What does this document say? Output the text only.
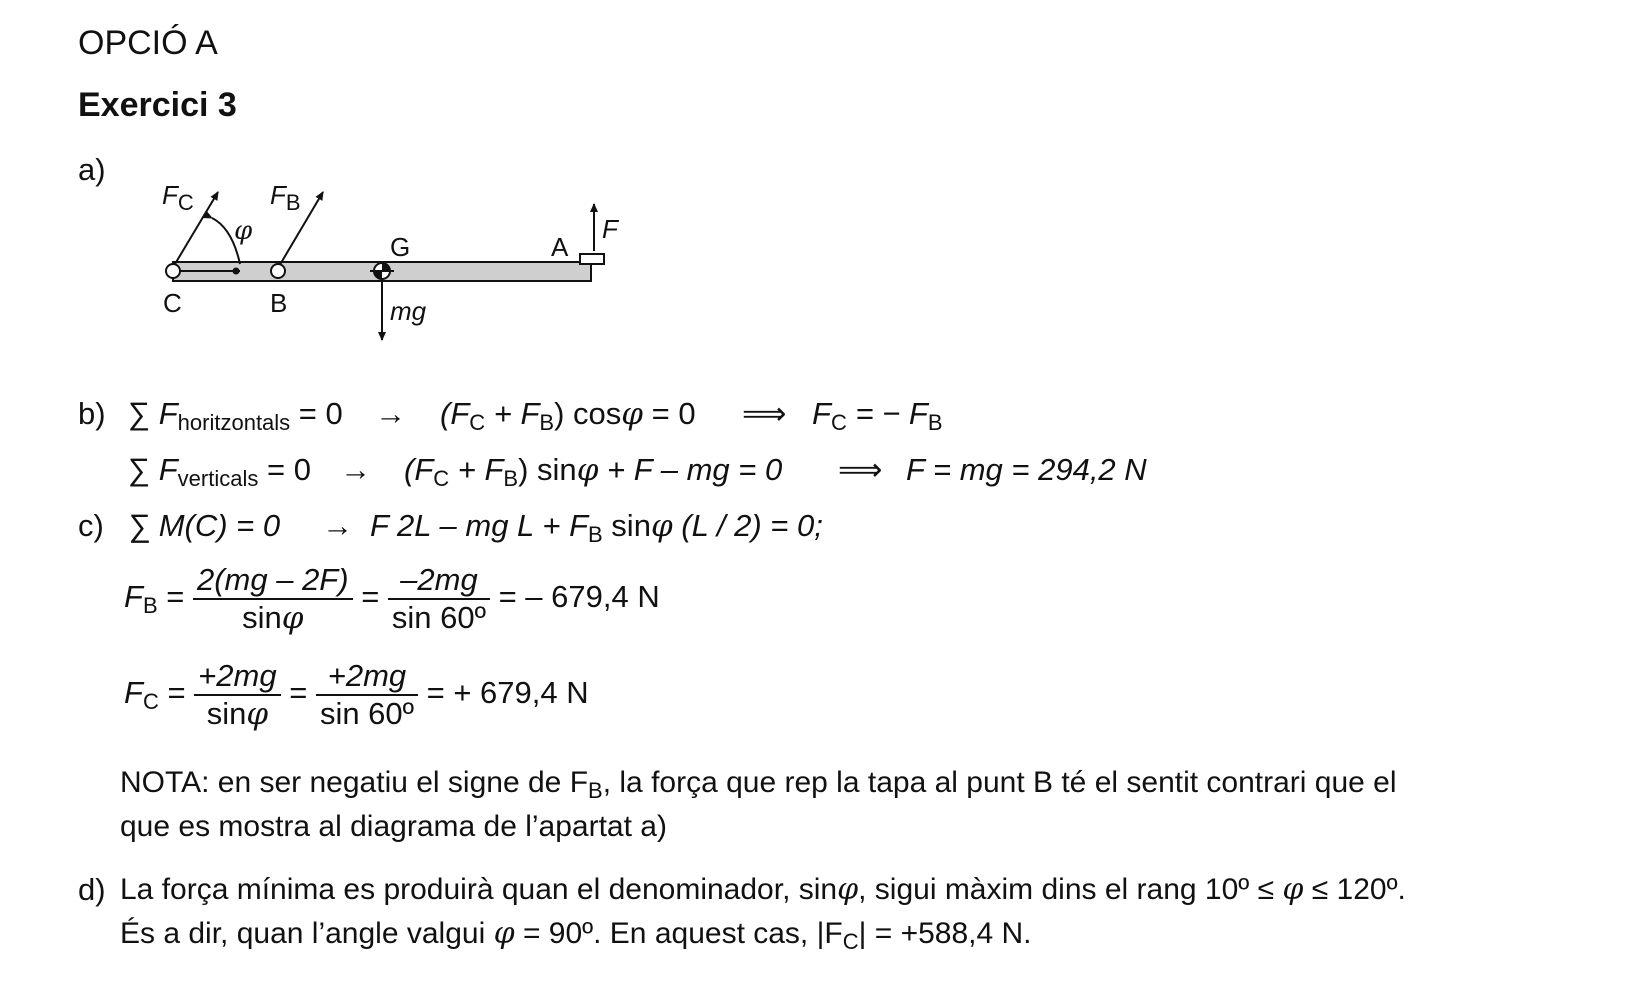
OPCIÓ A
Exercici 3
a)
$F_C$	$F_B$
φ
G	A
F
C	B	mg
b) ∑ $F_{horitzontals} = 0 \to (F_C + F_B) \cos\varphi = 0$ ⟹ $F_C$ = − $F_B$
∑ $F_{verticals} = 0 \to (F_C + F_B) \sin\varphi + F$ – mg = 0 ⟹ F = mg = 294,2 N
c) ∑ M(C) = 0 → F 2L – mg $L + F_B$ sinφ (L / 2) = 0;
$F_B = \frac{2(mg - 2F)}{\sin\varphi} = \frac{-2mg}{\text{sin 60º}}$ = – 679,4 N
$F_C = \frac{+2mg}{\sin\varphi} = \frac{+2mg}{\text{sin 60º}}$ = + 679,4 N
NOTA: en ser negatiu el signe de $F_B$, la força que rep la tapa al punt B té el sentit contrari que el
que es mostra al diagrama de l’apartat a)
d) La força mínima es produirà quan el denominador, sinφ, sigui màxim dins el rang 10º ≤ φ ≤ 120º.
És a dir, quan l’angle valgui φ = 90º. En aquest cas, $|F_C| = +588,4$ N.
